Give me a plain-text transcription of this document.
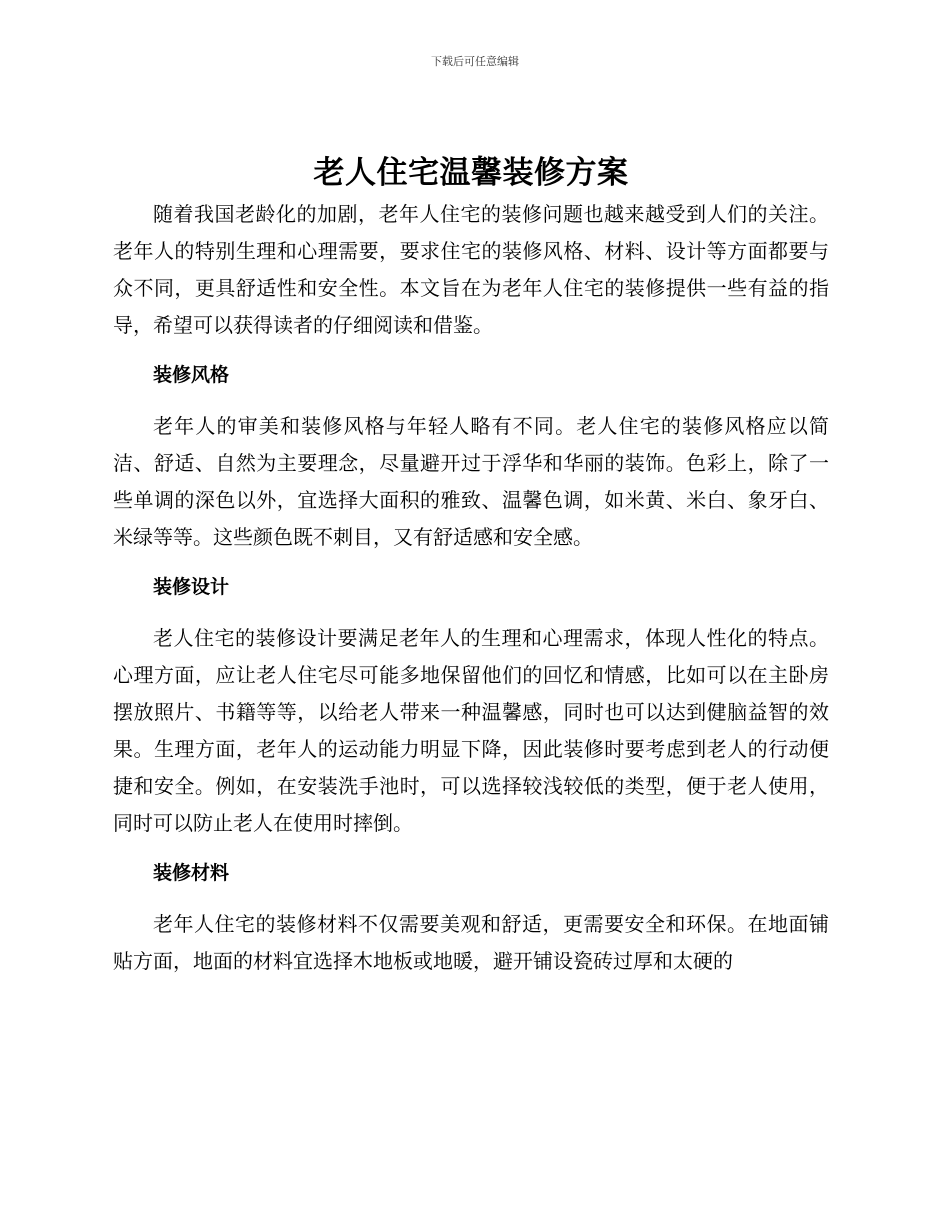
下载后可任意编辑
老人住宅温馨装修方案

随着我国老龄化的加剧，老年人住宅的装修问题也越来越受到人们的关注。老年人的特别生理和心理需要，要求住宅的装修风格、材料、设计等方面都要与众不同，更具舒适性和安全性。本文旨在为老年人住宅的装修提供一些有益的指导，希望可以获得读者的仔细阅读和借鉴。

装修风格

老年人的审美和装修风格与年轻人略有不同。老人住宅的装修风格应以简洁、舒适、自然为主要理念，尽量避开过于浮华和华丽的装饰。色彩上，除了一些单调的深色以外，宜选择大面积的雅致、温馨色调，如米黄、米白、象牙白、米绿等等。这些颜色既不刺目，又有舒适感和安全感。

装修设计

老人住宅的装修设计要满足老年人的生理和心理需求，体现人性化的特点。心理方面，应让老人住宅尽可能多地保留他们的回忆和情感，比如可以在主卧房摆放照片、书籍等等，以给老人带来一种温馨感，同时也可以达到健脑益智的效果。生理方面，老年人的运动能力明显下降，因此装修时要考虑到老人的行动便捷和安全。例如，在安装洗手池时，可以选择较浅较低的类型，便于老人使用，同时可以防止老人在使用时摔倒。

装修材料

老年人住宅的装修材料不仅需要美观和舒适，更需要安全和环保。在地面铺贴方面，地面的材料宜选择木地板或地暖，避开铺设瓷砖过厚和太硬的
